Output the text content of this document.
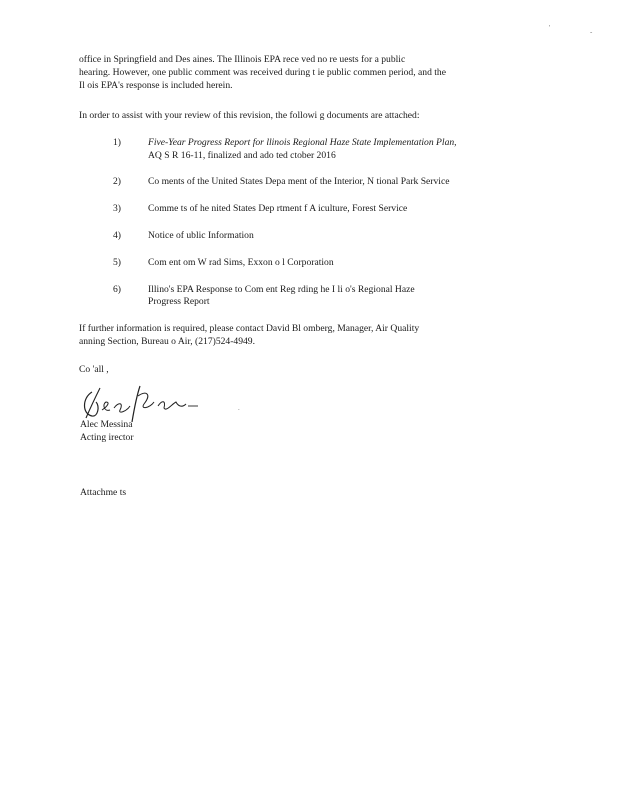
'	-
office in Springfield and Des aines. The Illinois EPA rece ved no re uests for a public
hearing. However, one public comment was received during t ie public commen period, and the
Il ois EPA's response is included herein.
In order to assist with your review of this revision, the followi g documents are attached:
1)	Five-Year Progress Report for llinois Regional Haze State Implementation Plan,
AQ S R 16-11, finalized and ado ted ctober 2016
2)	Co ments of the United States Depa ment of the Interior, N tional Park Service
3)	Comme ts of he nited States Dep rtment f A iculture, Forest Service
4)	Notice of ublic Information
5)	Com ent om W rad Sims, Exxon o l Corporation
6)	Illino's EPA Response to Com ent Reg rding he I li o's Regional Haze
Progress Report
If further information is required, please contact David Bl omberg, Manager, Air Quality
anning Section, Bureau o Air, (217)524-4949.
Co 'all ,
.
Alec Messina
Acting irector
Attachme ts
